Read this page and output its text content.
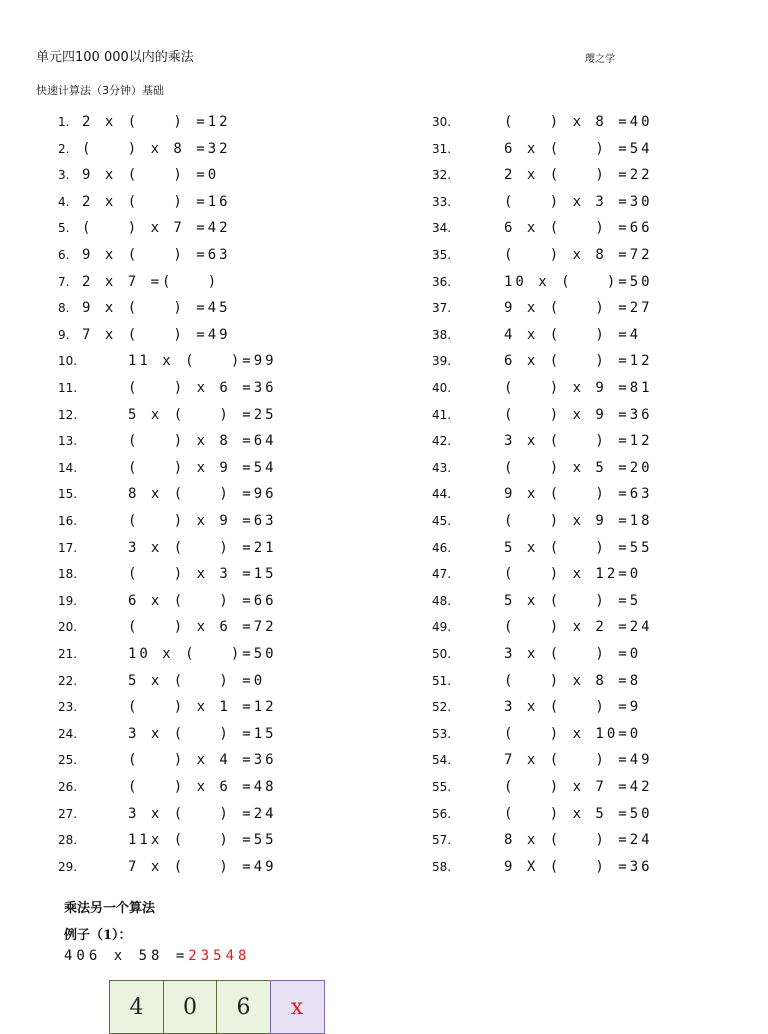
单元四100 000以内的乘法	璎之学
快速计算法（3分钟）基础
1. 2 x (   ) =12
2. (   ) x 8 =32
3. 9 x (   ) =0
4. 2 x (   ) =16
5. (   ) x 7 =42
6. 9 x (   ) =63
7. 2 x 7 =(   )
8. 9 x (   ) =45
9. 7 x (   ) =49
10.	11 x (   )=99
11.	(   ) x 6 =36
12.	5 x (   ) =25
13.	(   ) x 8 =64
14.	(   ) x 9 =54
15.	8 x (   ) =96
16.	(   ) x 9 =63
17.	3 x (   ) =21
18.	(   ) x 3 =15
19.	6 x (   ) =66
20.	(   ) x 6 =72
21.	10 x (   )=50
22.	5 x (   ) =0
23.	(   ) x 1 =12
24.	3 x (   ) =15
25.	(   ) x 4 =36
26.	(   ) x 6 =48
27.	3 x (   ) =24
28.	11x (   ) =55
29.	7 x (   ) =49
30.	(   ) x 8 =40
31.	6 x (   ) =54
32.	2 x (   ) =22
33.	(   ) x 3 =30
34.	6 x (   ) =66
35.	(   ) x 8 =72
36.	10 x (   )=50
37.	9 x (   ) =27
38.	4 x (   ) =4
39.	6 x (   ) =12
40.	(   ) x 9 =81
41.	(   ) x 9 =36
42.	3 x (   ) =12
43.	(   ) x 5 =20
44.	9 x (   ) =63
45.	(   ) x 9 =18
46.	5 x (   ) =55
47.	(   ) x 12=0
48.	5 x (   ) =5
49.	(   ) x 2 =24
50.	3 x (   ) =0
51.	(   ) x 8 =8
52.	3 x (   ) =9
53.	(   ) x 10=0
54.	7 x (   ) =49
55.	(   ) x 7 =42
56.	(   ) x 5 =50
57.	8 x (   ) =24
58.	9 X (   ) =36
乘法另一个算法
例子（1）：
406 x 58 =23548
4	0	6	x
